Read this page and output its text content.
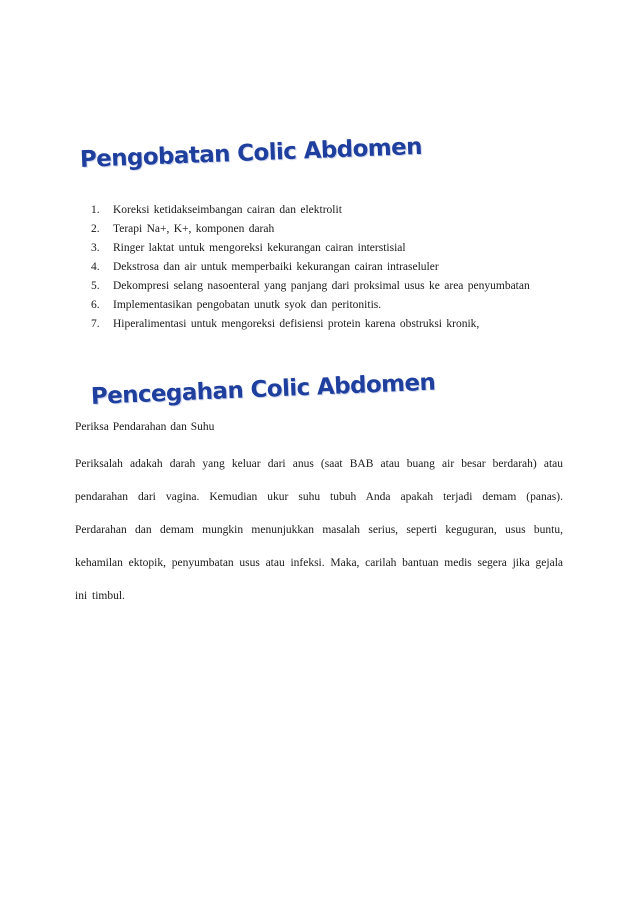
Pengobatan Colic Abdomen
1.	Koreksi ketidakseimbangan cairan dan elektrolit
2.	Terapi Na+, K+, komponen darah
3.	Ringer laktat untuk mengoreksi kekurangan cairan interstisial
4.	Dekstrosa dan air untuk memperbaiki kekurangan cairan intraseluler
5.	Dekompresi selang nasoenteral yang panjang dari proksimal usus ke area penyumbatan
6.	Implementasikan pengobatan unutk syok dan peritonitis.
7.	Hiperalimentasi untuk mengoreksi defisiensi protein karena obstruksi kronik,
Pencegahan Colic Abdomen
Periksa Pendarahan dan Suhu

Periksalah adakah darah yang keluar dari anus (saat BAB atau buang air besar berdarah) atau pendarahan dari vagina. Kemudian ukur suhu tubuh Anda apakah terjadi demam (panas). Perdarahan dan demam mungkin menunjukkan masalah serius, seperti keguguran, usus buntu, kehamilan ektopik, penyumbatan usus atau infeksi. Maka, carilah bantuan medis segera jika gejala ini timbul.
